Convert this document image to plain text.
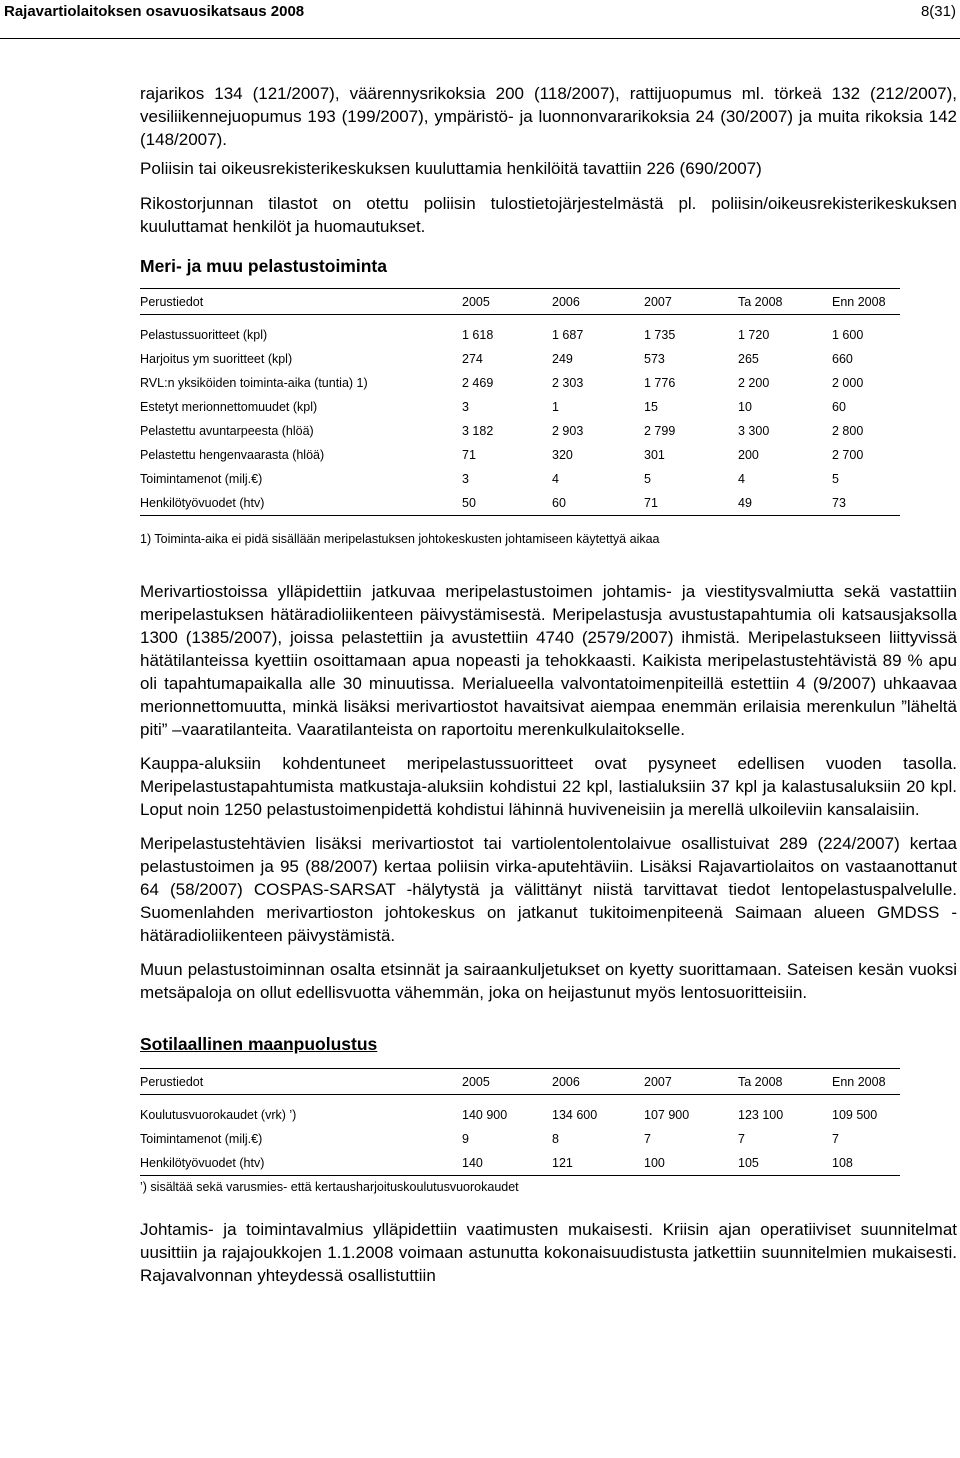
Rajavartiolaitoksen osavuosikatsaus 2008	8(31)

rajarikos 134 (121/2007), väärennysrikoksia 200 (118/2007), rattijuopumus ml. törkeä 132 (212/2007), vesiliikennejuopumus 193 (199/2007), ympäristö- ja luonnonvararikoksia 24 (30/2007) ja muita rikoksia 142 (148/2007).

Poliisin tai oikeusrekisterikeskuksen kuuluttamia henkilöitä tavattiin 226 (690/2007)

Rikostorjunnan tilastot on otettu poliisin tulostietojärjestelmästä pl. poliisin/oikeusrekisterikeskuksen kuuluttamat henkilöt ja huomautukset.

Meri- ja muu pelastustoiminta
Perustiedot	2005	2006	2007	Ta 2008	Enn 2008

Pelastussuoritteet (kpl)	1 618	1 687	1 735	1 720	1 600
Harjoitus ym suoritteet (kpl)	274	249	573	265	660
RVL:n yksiköiden toiminta-aika (tuntia) 1)	2 469	2 303	1 776	2 200	2 000
Estetyt merionnettomuudet (kpl)	3	1	15	10	60
Pelastettu avuntarpeesta (hlöä)	3 182	2 903	2 799	3 300	2 800
Pelastettu hengenvaarasta (hlöä)	71	320	301	200	2 700
Toimintamenot (milj.€)	3	4	5	4	5
Henkilötyövuodet (htv)	50	60	71	49	73
1) Toiminta-aika ei pidä sisällään meripelastuksen johtokeskusten johtamiseen käytettyä aikaa

Merivartiostoissa ylläpidettiin jatkuvaa meripelastustoimen johtamis- ja viestitysvalmiutta sekä vastattiin meripelastuksen hätäradioliikenteen päivystämisestä. Meripelastusja avustustapahtumia oli katsausjaksolla 1300 (1385/2007), joissa pelastettiin ja avustettiin 4740 (2579/2007) ihmistä. Meripelastukseen liittyvissä hätätilanteissa kyettiin osoittamaan apua nopeasti ja tehokkaasti. Kaikista meripelastustehtävistä 89 % apu oli tapahtumapaikalla alle 30 minuutissa. Merialueella valvontatoimenpiteillä estettiin 4 (9/2007) uhkaavaa merionnettomuutta, minkä lisäksi merivartiostot havaitsivat aiempaa enemmän erilaisia merenkulun ”läheltä piti” –vaaratilanteita. Vaaratilanteista on raportoitu merenkulkulaitokselle.

Kauppa-aluksiin kohdentuneet meripelastussuoritteet ovat pysyneet edellisen vuoden tasolla. Meripelastustapahtumista matkustaja-aluksiin kohdistui 22 kpl, lastialuksiin 37 kpl ja kalastusaluksiin 20 kpl. Loput noin 1250 pelastustoimenpidettä kohdistui lähinnä huviveneisiin ja merellä ulkoileviin kansalaisiin.

Meripelastustehtävien lisäksi merivartiostot tai vartiolentolentolaivue osallistuivat 289 (224/2007) kertaa pelastustoimen ja 95 (88/2007) kertaa poliisin virka-aputehtäviin. Lisäksi Rajavartiolaitos on vastaanottanut 64 (58/2007) COSPAS-SARSAT -hälytystä ja välittänyt niistä tarvittavat tiedot lentopelastuspalvelulle. Suomenlahden merivartioston johtokeskus on jatkanut tukitoimenpiteenä Saimaan alueen GMDSS - hätäradioliikenteen päivystämistä.

Muun pelastustoiminnan osalta etsinnät ja sairaankuljetukset on kyetty suorittamaan. Sateisen kesän vuoksi metsäpaloja on ollut edellisvuotta vähemmän, joka on heijastunut myös lentosuoritteisiin.

Sotilaallinen maanpuolustus
Perustiedot	2005	2006	2007	Ta 2008	Enn 2008

Koulutusvuorokaudet (vrk) ’)	140 900	134 600	107 900	123 100	109 500
Toimintamenot (milj.€)	9	8	7	7	7
Henkilötyövuodet (htv)	140	121	100	105	108
’) sisältää sekä varusmies- että kertausharjoituskoulutusvuorokaudet

Johtamis- ja toimintavalmius ylläpidettiin vaatimusten mukaisesti. Kriisin ajan operatiiviset suunnitelmat uusittiin ja rajajoukkojen 1.1.2008 voimaan astunutta kokonaisuudistusta jatkettiin suunnitelmien mukaisesti. Rajavalvonnan yhteydessä osallistuttiin
